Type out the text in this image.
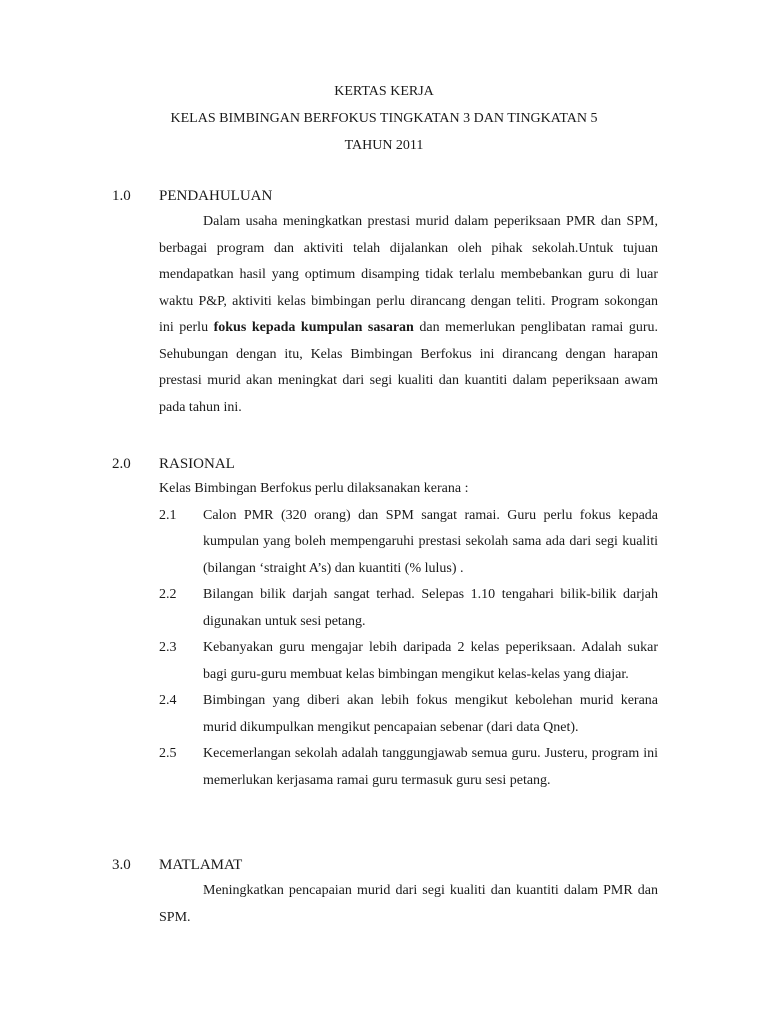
KERTAS KERJA
KELAS BIMBINGAN BERFOKUS TINGKATAN 3 DAN TINGKATAN 5
TAHUN 2011
1.0 PENDAHULUAN
Dalam usaha meningkatkan prestasi murid dalam peperiksaan PMR dan SPM, berbagai program dan aktiviti telah dijalankan oleh pihak sekolah.Untuk tujuan mendapatkan hasil yang optimum disamping tidak terlalu membebankan guru di luar waktu P&P, aktiviti kelas bimbingan perlu dirancang dengan teliti. Program sokongan ini perlu fokus kepada kumpulan sasaran dan memerlukan penglibatan ramai guru. Sehubungan dengan itu, Kelas Bimbingan Berfokus ini dirancang dengan harapan prestasi murid akan meningkat dari segi kualiti dan kuantiti dalam peperiksaan awam pada tahun ini.
2.0 RASIONAL
Kelas Bimbingan Berfokus perlu dilaksanakan kerana :
2.1 Calon PMR (320 orang) dan SPM sangat ramai. Guru perlu fokus kepada kumpulan yang boleh mempengaruhi prestasi sekolah sama ada dari segi kualiti (bilangan ‘straight A’s) dan kuantiti (% lulus) .
2.2 Bilangan bilik darjah sangat terhad. Selepas 1.10 tengahari bilik-bilik darjah digunakan untuk sesi petang.
2.3 Kebanyakan guru mengajar lebih daripada 2 kelas peperiksaan. Adalah sukar bagi guru-guru membuat kelas bimbingan mengikut kelas-kelas yang diajar.
2.4 Bimbingan yang diberi akan lebih fokus mengikut kebolehan murid kerana murid dikumpulkan mengikut pencapaian sebenar (dari data Qnet).
2.5 Kecemerlangan sekolah adalah tanggungjawab semua guru. Justeru, program ini memerlukan kerjasama ramai guru termasuk guru sesi petang.
3.0 MATLAMAT
Meningkatkan pencapaian murid dari segi kualiti dan kuantiti dalam PMR dan SPM.
